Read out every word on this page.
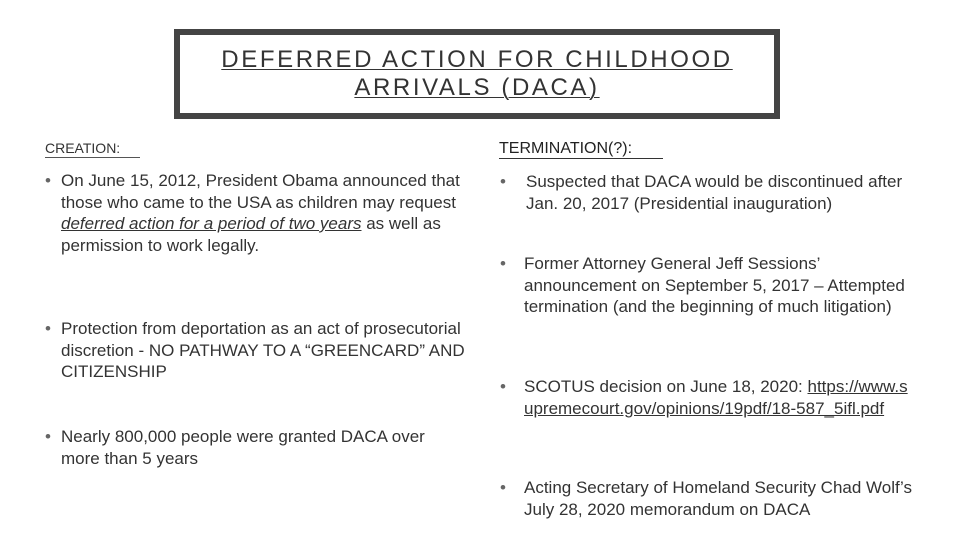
DEFERRED ACTION FOR CHILDHOOD
ARRIVALS (DACA)
CREATION:	TERMINATION(?):
• On June 15, 2012, President Obama announced that those who came to the USA as children may request deferred action for a period of two years as well as permission to work legally.
• Protection from deportation as an act of prosecutorial discretion - NO PATHWAY TO A “GREENCARD” AND CITIZENSHIP
• Nearly 800,000 people were granted DACA over more than 5 years
•	Suspected that DACA would be discontinued after Jan. 20, 2017 (Presidential inauguration)
•	Former Attorney General Jeff Sessions’ announcement on September 5, 2017 – Attempted termination (and the beginning of much litigation)
•	SCOTUS decision on June 18, 2020: https://www.supremecourt.gov/opinions/19pdf/18-587_5ifl.pdf
•	Acting Secretary of Homeland Security Chad Wolf’s July 28, 2020 memorandum on DACA
